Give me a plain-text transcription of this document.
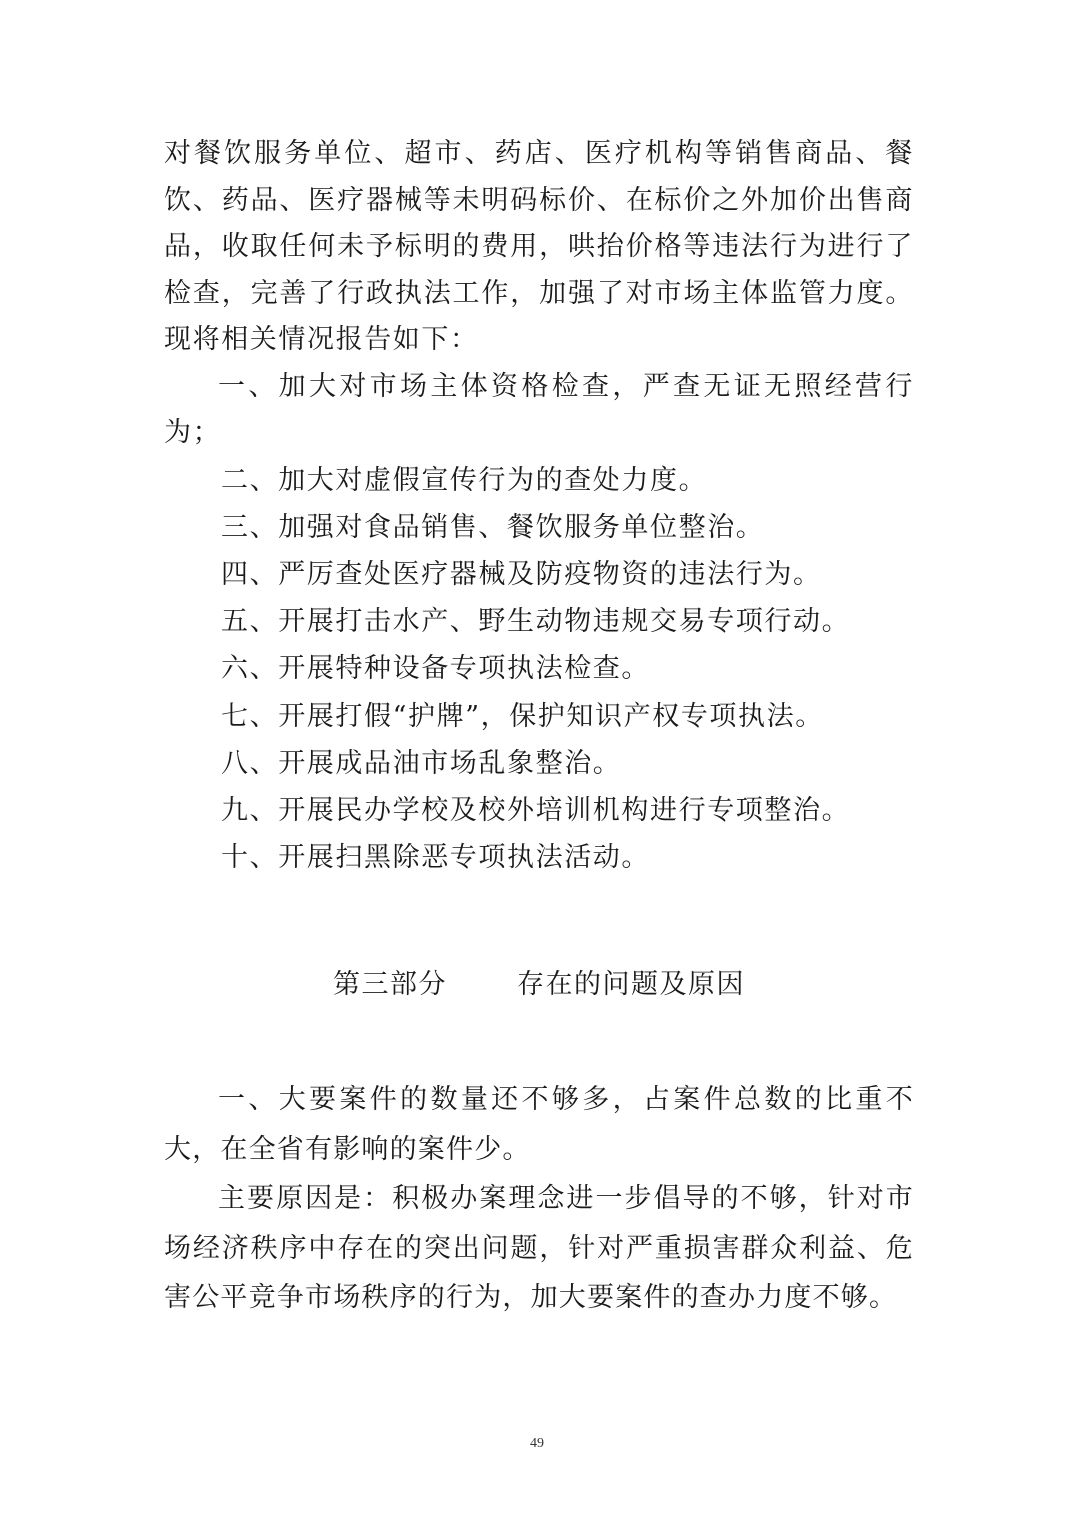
对餐饮服务单位、超市、药店、医疗机构等销售商品、餐饮、药品、医疗器械等未明码标价、在标价之外加价出售商品，收取任何未予标明的费用，哄抬价格等违法行为进行了检查，完善了行政执法工作，加强了对市场主体监管力度。现将相关情况报告如下：

一、加大对市场主体资格检查，严查无证无照经营行为；

二、加大对虚假宣传行为的查处力度。

三、加强对食品销售、餐饮服务单位整治。

四、严厉查处医疗器械及防疫物资的违法行为。

五、开展打击水产、野生动物违规交易专项行动。

六、开展特种设备专项执法检查。

七、开展打假“护牌”，保护知识产权专项执法。

八、开展成品油市场乱象整治。

九、开展民办学校及校外培训机构进行专项整治。

十、开展扫黑除恶专项执法活动。

第三部分	存在的问题及原因

一、大要案件的数量还不够多，占案件总数的比重不大，在全省有影响的案件少。

主要原因是：积极办案理念进一步倡导的不够，针对市场经济秩序中存在的突出问题，针对严重损害群众利益、危害公平竞争市场秩序的行为，加大要案件的查办力度不够。

49
